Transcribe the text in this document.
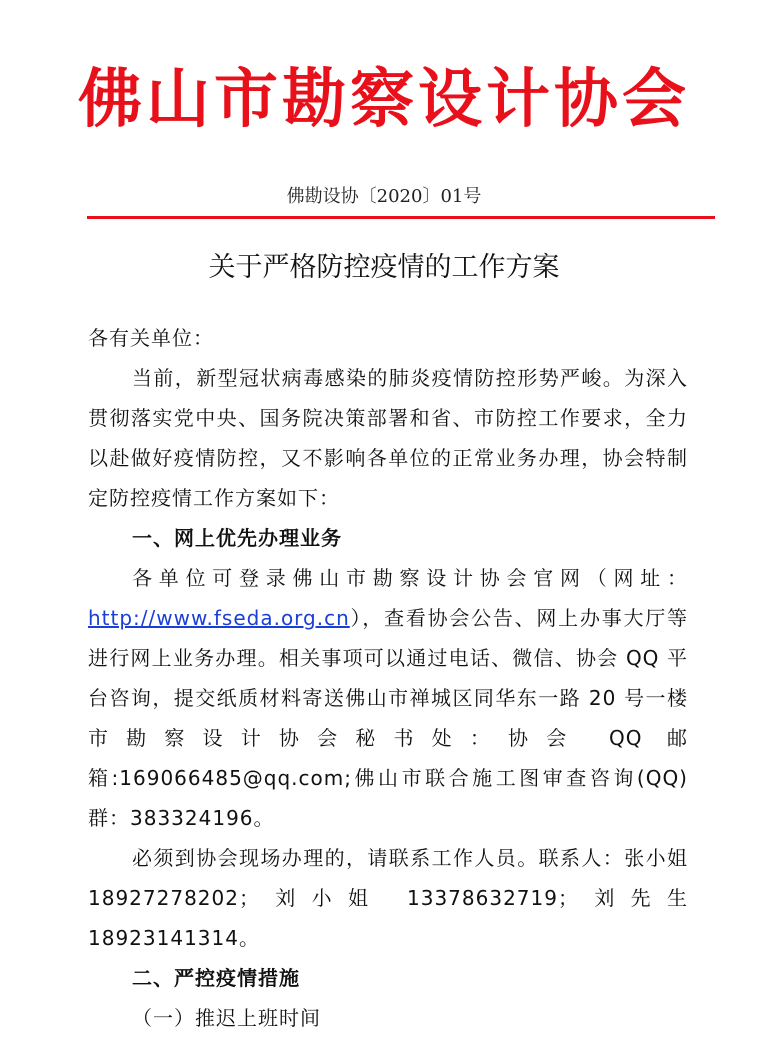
佛山市勘察设计协会
佛勘设协〔2020〕01号
关于严格防控疫情的工作方案

各有关单位：

当前，新型冠状病毒感染的肺炎疫情防控形势严峻。为深入贯彻落实党中央、国务院决策部署和省、市防控工作要求，全力以赴做好疫情防控，又不影响各单位的正常业务办理，协会特制定防控疫情工作方案如下：

一、网上优先办理业务

各单位可登录佛山市勘察设计协会官网（网址：http://www.fseda.org.cn），查看协会公告、网上办事大厅等进行网上业务办理。相关事项可以通过电话、微信、协会 QQ 平台咨询，提交纸质材料寄送佛山市禅城区同华东一路 20 号一楼市勘察设计协会秘书处：协会 QQ 邮箱:169066485@qq.com;佛山市联合施工图审查咨询(QQ)群：383324196。

必须到协会现场办理的，请联系工作人员。联系人：张小姐 18927278202；刘小姐 13378632719；刘先生 18923141314。

二、严控疫情措施

（一）推迟上班时间
